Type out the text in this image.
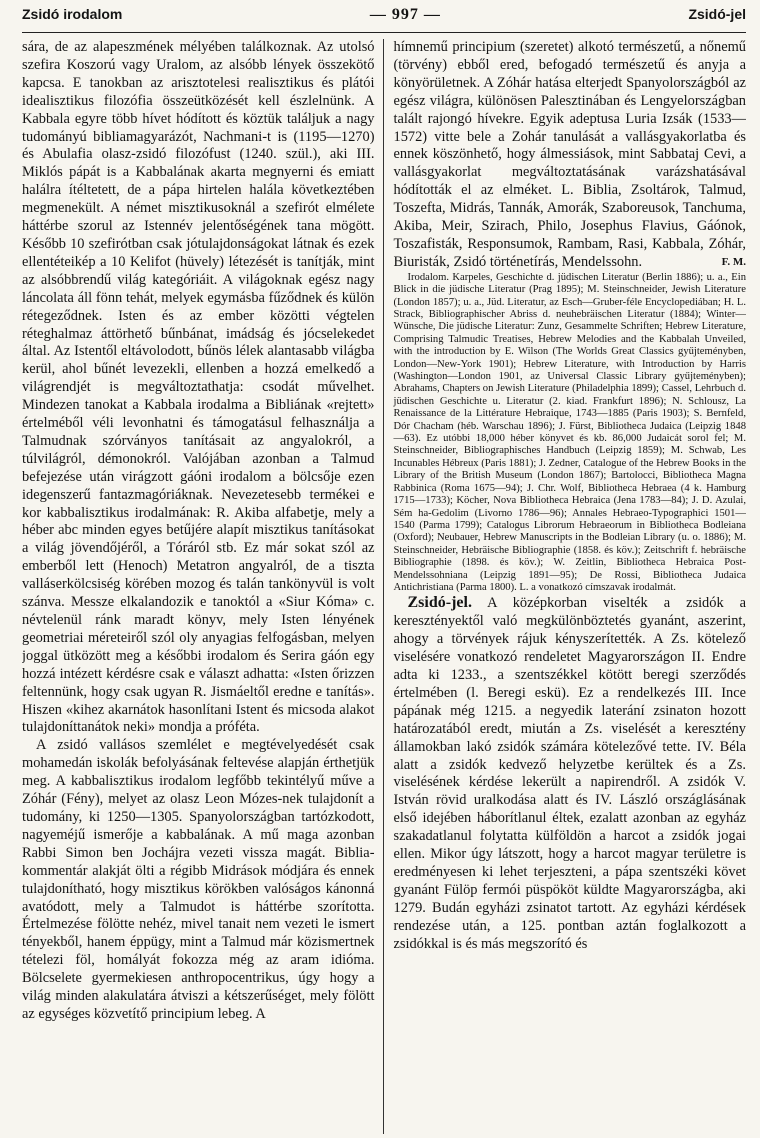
Zsidó irodalom	— 997 —	Zsidó-jel

sára, de az alapeszmének mélyében találkoznak. Az utolsó szefira Koszorú vagy Uralom, az alsóbb lények összekötő kapcsa. E tanokban az arisztotelesi realisztikus és plátói idealisztikus filozófia összeütközését kell észlelnünk. A Kabbala egyre több hívet hódított és köztük találjuk a nagy tudományú bibliamagyarázót, Nachmani-t is (1195—1270) és Abulafia olasz-zsidó filozófust (1240. szül.), aki III. Miklós pápát is a Kabbalának akarta megnyerni és emiatt halálra ítéltetett, de a pápa hirtelen halála következtében megmenekült. A német misztikusoknál a szefirót elmélete háttérbe szorul az Istennév jelentőségének tana mögött. Később 10 szefirótban csak jótulajdonságokat látnak és ezek ellentéteikép a 10 Kelifot (hüvely) létezését is tanítják, mint az alsóbbrendű világ kategóriáit. A világoknak egész nagy láncolata áll fönn tehát, melyek egymásba fűződnek és külön rétegeződnek. Isten és az ember közötti végtelen réteghalmaz áttörhető bűnbánat, imádság és jócselekedet által. Az Istentől eltávolodott, bűnös lélek alantasabb világba kerül, ahol bűnét levezekli, ellenben a hozzá emelkedő a világrendjét is megváltoztathatja: csodát művelhet. Mindezen tanokat a Kabbala irodalma a Bibliának «rejtett» értelméből véli levonhatni és támogatásul felhasználja a Talmudnak szórványos tanításait az angyalokról, a túlvilágról, démonokról. Valójában azonban a Talmud befejezése után virágzott gáóni irodalom a bölcsője ezen idegenszerű fantazmagóriáknak. Nevezetesebb termékei e kor kabbalisztikus irodalmának: R. Akiba alfabetje, mely a héber abc minden egyes betűjére alapít misztikus tanításokat a világ jövendőjéről, a Tóráról stb. Ez már sokat szól az emberből lett (Henoch) Metatron angyalról, de a tiszta valláserkölcsiség körében mozog és talán tankönyvül is volt szánva. Messze elkalandozik e tanoktól a «Siur Kóma» c. névtelenül ránk maradt könyv, mely Isten lényének geometriai méreteiről szól oly anyagias felfogásban, melyen joggal ütközött meg a későbbi irodalom és Serira gáón egy hozzá intézett kérdésre csak e választ adhatta: «Isten őrizzen feltennünk, hogy csak ugyan R. Jismáeltől eredne e tanítás». Hiszen «kihez akarnátok hasonlítani Istent és micsoda alakot tulajdoníttanátok neki» mondja a próféta.

A zsidó vallásos szemlélet e megtévelyedését csak mohamedán iskolák befolyásának feltevése alapján érthetjük meg. A kabbalisztikus irodalom legfőbb tekintélyű műve a Zóhár (Fény), melyet az olasz Leon Mózes-nek tulajdonít a tudomány, ki 1250—1305. Spanyolországban tartózkodott, nagyeméjű ismerője a kabbalának. A mű maga azonban Rabbi Simon ben Jochájra vezeti vissza magát. Biblia-kommentár alakját ölti a régibb Midrások módjára és ennek tulajdonítható, hogy misztikus körökben valóságos kánonná avatódott, mely a Talmudot is háttérbe szorította. Értelmezése fölötte nehéz, mivel tanait nem vezeti le ismert tényekből, hanem éppügy, mint a Talmud már közismertnek tételezi föl, homályát fokozza még az aram idióma. Bölcselete gyermekiesen anthropocentrikus, úgy hogy a világ minden alakulatára átviszi a kétszerűséget, mely fölött az egységes közvetítő principium lebeg. A

hímnemű principium (szeretet) alkotó természetű, a nőnemű (törvény) ebből ered, befogadó természetű és anyja a könyörületnek. A Zóhár hatása elterjedt Spanyolországból az egész világra, különösen Palesztinában és Lengyelországban talált rajongó hívekre. Egyik adeptusa Luria Izsák (1533—1572) vitte bele a Zohár tanulását a vallásgyakorlatba és ennek köszönhető, hogy álmessiások, mint Sabbataj Cevi, a vallásgyakorlat megváltoztatásának varázshatásával hódították el az elméket. L. Biblia, Zsoltárok, Talmud, Toszefta, Midrás, Tannák, Amorák, Szaboreusok, Tanchuma, Akiba, Meir, Szirach, Philo, Josephus Flavius, Gáónok, Toszafisták, Responsumok, Rambam, Rasi, Kabbala, Zóhár, Biuristák, Zsidó történetírás, Mendelssohn.	F. M.

Irodalom. Karpeles, Geschichte d. jüdischen Literatur (Berlin 1886); u. a., Ein Blick in die jüdische Literatur (Prag 1895); M. Steinschneider, Jewish Literature (London 1857); u. a., Jüd. Literatur, az Esch—Gruber-féle Encyclopediában; H. L. Strack, Bibliographischer Abriss d. neuhebräischen Literatur (1884); Winter—Wünsche, Die jüdische Literatur: Zunz, Gesammelte Schriften; Hebrew Literature, Comprising Talmudic Treatises, Hebrew Melodies and the Kabbalah Unveiled, with the introduction by E. Wilson (The Worlds Great Classics gyűjteményben, London—New-York 1901); Hebrew Literature, with Introduction by Harris (Washington—London 1901, az Universal Classic Library gyűjteményben); Abrahams, Chapters on Jewish Literature (Philadelphia 1899); Cassel, Lehrbuch d. jüdischen Geschichte u. Literatur (2. kiad. Frankfurt 1896); N. Schlousz, La Renaissance de la Littérature Hebraique, 1743—1885 (Paris 1903); S. Bernfeld, Dór Chacham (héb. Warschau 1896); J. Fürst, Bibliotheca Judaica (Leipzig 1848—63). Ez utóbbi 18,000 héber könyvet és kb. 86,000 Judaicát sorol fel; M. Steinschneider, Bibliographisches Handbuch (Leipzig 1859); M. Schwab, Les Incunables Hébreux (Paris 1881); J. Zedner, Catalogue of the Hebrew Books in the Library of the British Museum (London 1867); Bartolocci, Bibliotheca Magna Rabbinica (Roma 1675—94); J. Chr. Wolf, Bibliotheca Hebraea (4 k. Hamburg 1715—1733); Köcher, Nova Bibliotheca Hebraica (Jena 1783—84); J. D. Azulai, Sém ha-Gedolim (Livorno 1786—96); Annales Hebraeo-Typographici 1501—1540 (Parma 1799); Catalogus Librorum Hebraeorum in Bibliotheca Bodleiana (Oxford); Neubauer, Hebrew Manuscripts in the Bodleian Library (u. o. 1886); M. Steinschneider, Hebräische Bibliographie (1858. és köv.); Zeitschrift f. hebräische Bibliographie (1898. és köv.); W. Zeitlin, Bibliotheca Hebraica Post-Mendelssohniana (Leipzig 1891—95); De Rossi, Bibliotheca Judaica Antichristiana (Parma 1800). L. a vonatkozó címszavak irodalmát.

Zsidó-jel. A középkorban viselték a zsidók a keresztényektől való megkülönböztetés gyanánt, aszerint, ahogy a törvények rájuk kényszerítették. A Zs. kötelező viselésére vonatkozó rendeletet Magyarországon II. Endre adta ki 1233., a szentszékkel kötött beregi szerződés értelmében (l. Beregi eskü). Ez a rendelkezés III. Ince pápának még 1215. a negyedik laterání zsinaton hozott határozatából eredt, miután a Zs. viselését a keresztény államokban lakó zsidók számára kötelezővé tette. IV. Béla alatt a zsidók kedvező helyzetbe kerültek és a Zs. viselésének kérdése lekerült a napirendről. A zsidók V. István rövid uralkodása alatt és IV. László országlásának első idejében háborítlanul éltek, ezalatt azonban az egyház szakadatlanul folytatta külföldön a harcot a zsidók jogai ellen. Mikor úgy látszott, hogy a harcot magyar területre is eredményesen ki lehet terjeszteni, a pápa szentszéki követ gyanánt Fülöp fermói püspököt küldte Magyarországba, aki 1279. Budán egyházi zsinatot tartott. Az egyházi kérdések rendezése után, a 125. pontban aztán foglalkozott a zsidókkal is és más megszorító és
